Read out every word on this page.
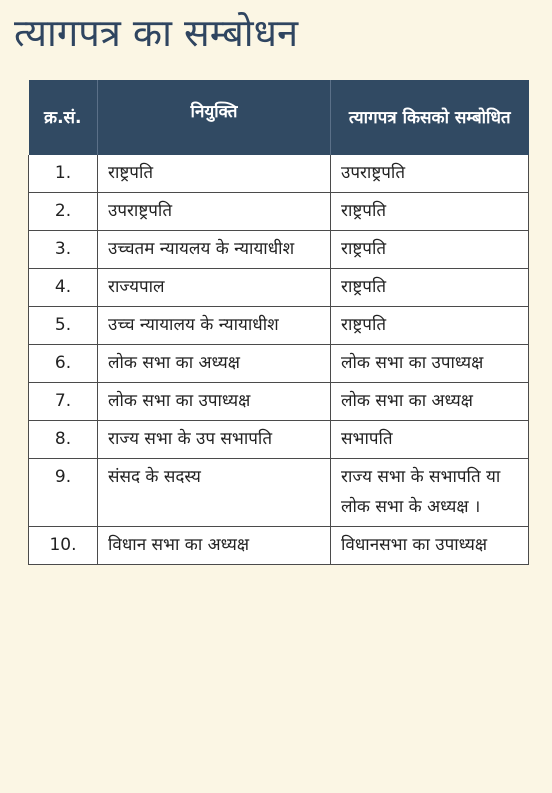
त्यागपत्र का सम्बोधन
क्र.सं.	नियुक्ति	त्यागपत्र किसको सम्बोधित

1.	राष्ट्रपति	उपराष्ट्रपति
2.	उपराष्ट्रपति	राष्ट्रपति
3.	उच्चतम न्यायलय के न्यायाधीश	राष्ट्रपति
4.	राज्यपाल	राष्ट्रपति
5.	उच्च न्यायालय के न्यायाधीश	राष्ट्रपति
6.	लोक सभा का अध्यक्ष	लोक सभा का उपाध्यक्ष
7.	लोक सभा का उपाध्यक्ष	लोक सभा का अध्यक्ष
8.	राज्य सभा के उप सभापति	सभापति
9.	संसद के सदस्य	राज्य सभा के सभापति या लोक सभा के अध्यक्ष ।
10.	विधान सभा का अध्यक्ष	विधानसभा का उपाध्यक्ष
